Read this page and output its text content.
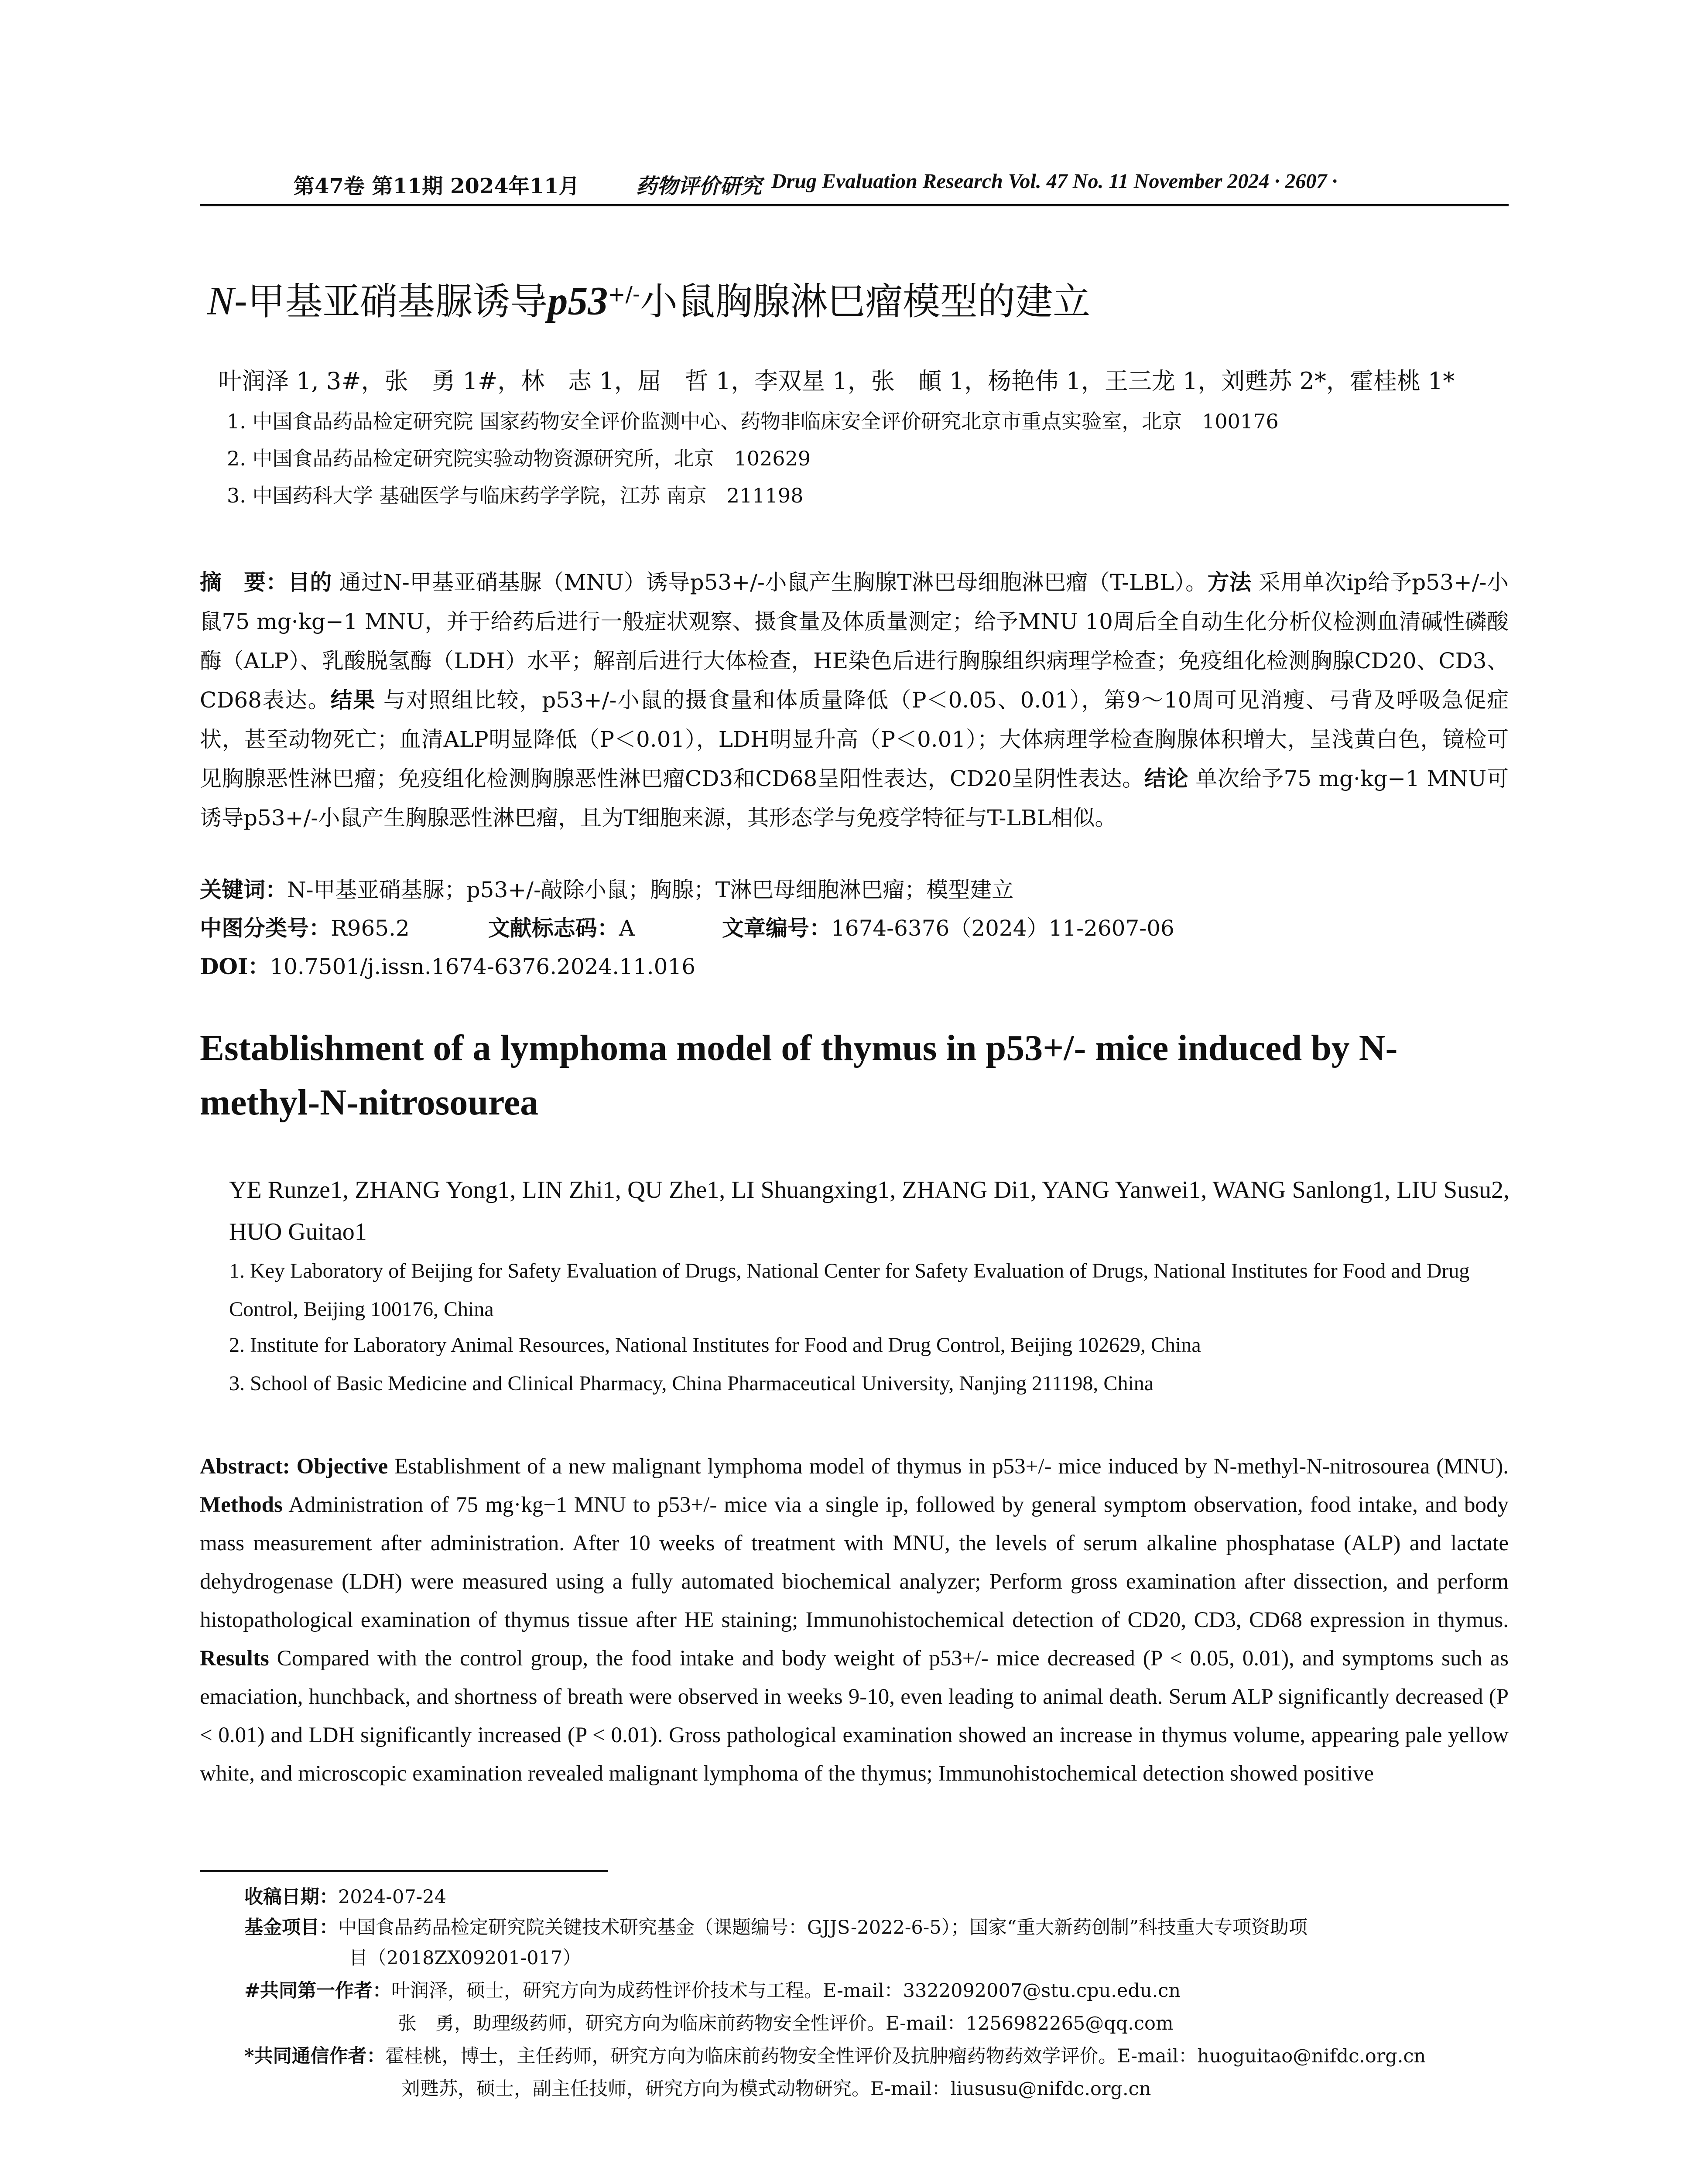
第47卷 第11期 2024年11月	药物评价研究 Drug Evaluation Research Vol. 47 No. 11 November 2024 · 2607 ·
N-甲基亚硝基脲诱导p53+/-小鼠胸腺淋巴瘤模型的建立
叶润泽 1, 3#，张　勇 1#，林　志 1，屈　哲 1，李双星 1，张　頔 1，杨艳伟 1，王三龙 1，刘甦苏 2*，霍桂桃 1*
1. 中国食品药品检定研究院 国家药物安全评价监测中心、药物非临床安全评价研究北京市重点实验室，北京　100176
2. 中国食品药品检定研究院实验动物资源研究所，北京　102629
3. 中国药科大学 基础医学与临床药学学院，江苏 南京　211198
摘　要：目的 通过N-甲基亚硝基脲（MNU）诱导p53+/-小鼠产生胸腺T淋巴母细胞淋巴瘤（T-LBL）。方法 采用单次ip给予p53+/-小鼠75 mg·kg−1 MNU，并于给药后进行一般症状观察、摄食量及体质量测定；给予MNU 10周后全自动生化分析仪检测血清碱性磷酸酶（ALP）、乳酸脱氢酶（LDH）水平；解剖后进行大体检查，HE染色后进行胸腺组织病理学检查；免疫组化检测胸腺CD20、CD3、CD68表达。结果 与对照组比较，p53+/-小鼠的摄食量和体质量降低（P＜0.05、0.01），第9～10周可见消瘦、弓背及呼吸急促症状，甚至动物死亡；血清ALP明显降低（P＜0.01），LDH明显升高（P＜0.01）；大体病理学检查胸腺体积增大，呈浅黄白色，镜检可见胸腺恶性淋巴瘤；免疫组化检测胸腺恶性淋巴瘤CD3和CD68呈阳性表达，CD20呈阴性表达。结论 单次给予75 mg·kg−1 MNU可诱导p53+/-小鼠产生胸腺恶性淋巴瘤，且为T细胞来源，其形态学与免疫学特征与T-LBL相似。
关键词：N-甲基亚硝基脲；p53+/-敲除小鼠；胸腺；T淋巴母细胞淋巴瘤；模型建立
中图分类号：R965.2	文献标志码：A	文章编号：1674-6376（2024）11-2607-06
DOI：10.7501/j.issn.1674-6376.2024.11.016
Establishment of a lymphoma model of thymus in p53+/- mice induced by N-methyl-N-nitrosourea
YE Runze1, ZHANG Yong1, LIN Zhi1, QU Zhe1, LI Shuangxing1, ZHANG Di1, YANG Yanwei1, WANG Sanlong1, LIU Susu2, HUO Guitao1
1. Key Laboratory of Beijing for Safety Evaluation of Drugs, National Center for Safety Evaluation of Drugs, National Institutes for Food and Drug Control, Beijing 100176, China
2. Institute for Laboratory Animal Resources, National Institutes for Food and Drug Control, Beijing 102629, China
3. School of Basic Medicine and Clinical Pharmacy, China Pharmaceutical University, Nanjing 211198, China
Abstract: Objective Establishment of a new malignant lymphoma model of thymus in p53+/- mice induced by N-methyl-N-nitrosourea (MNU). Methods Administration of 75 mg·kg−1 MNU to p53+/- mice via a single ip, followed by general symptom observation, food intake, and body mass measurement after administration. After 10 weeks of treatment with MNU, the levels of serum alkaline phosphatase (ALP) and lactate dehydrogenase (LDH) were measured using a fully automated biochemical analyzer; Perform gross examination after dissection, and perform histopathological examination of thymus tissue after HE staining; Immunohistochemical detection of CD20, CD3, CD68 expression in thymus. Results Compared with the control group, the food intake and body weight of p53+/- mice decreased (P < 0.05, 0.01), and symptoms such as emaciation, hunchback, and shortness of breath were observed in weeks 9-10, even leading to animal death. Serum ALP significantly decreased (P < 0.01) and LDH significantly increased (P < 0.01). Gross pathological examination showed an increase in thymus volume, appearing pale yellow white, and microscopic examination revealed malignant lymphoma of the thymus; Immunohistochemical detection showed positive
收稿日期：2024-07-24
基金项目：中国食品药品检定研究院关键技术研究基金（课题编号：GJJS-2022-6-5）；国家“重大新药创制”科技重大专项资助项
目（2018ZX09201-017）
#共同第一作者：叶润泽，硕士，研究方向为成药性评价技术与工程。E-mail：3322092007@stu.cpu.edu.cn
张　勇，助理级药师，研究方向为临床前药物安全性评价。E-mail：1256982265@qq.com
*共同通信作者：霍桂桃，博士，主任药师，研究方向为临床前药物安全性评价及抗肿瘤药物药效学评价。E-mail：huoguitao@nifdc.org.cn
刘甦苏，硕士，副主任技师，研究方向为模式动物研究。E-mail：liususu@nifdc.org.cn
